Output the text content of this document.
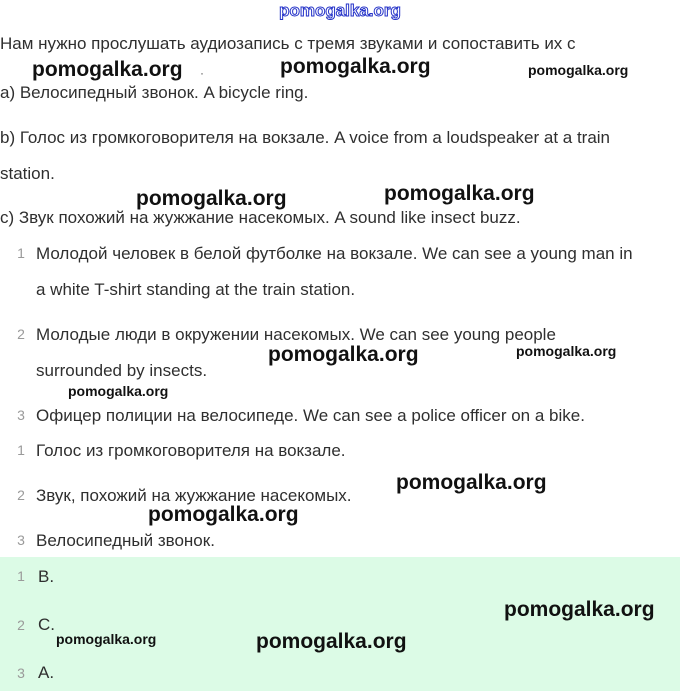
pomogalka.org
Нам нужно прослушать аудиозапись с тремя звуками и сопоставить их с
·
a) Велосипедный звонок. A bicycle ring.
b) Голос из громкоговорителя на вокзале. A voice from a loudspeaker at a train
station.
c) Звук похожий на жужжание насекомых. A sound like insect buzz.
1 Молодой человек в белой футболке на вокзале. We can see a young man in
a white T-shirt standing at the train station.
2 Молодые люди в окружении насекомых. We can see young people
surrounded by insects.
3 Офицер полиции на велосипеде. We can see a police officer on a bike.
1 Голос из громкоговорителя на вокзале.
2 Звук, похожий на жужжание насекомых.
3 Велосипедный звонок.
1 B.
2 C.
3 A.
pomogalka.org	pomogalka.org	pomogalka.org
pomogalka.org	pomogalka.org
pomogalka.org	pomogalka.org
pomogalka.org
pomogalka.org
pomogalka.org
pomogalka.org
pomogalka.org	pomogalka.org
